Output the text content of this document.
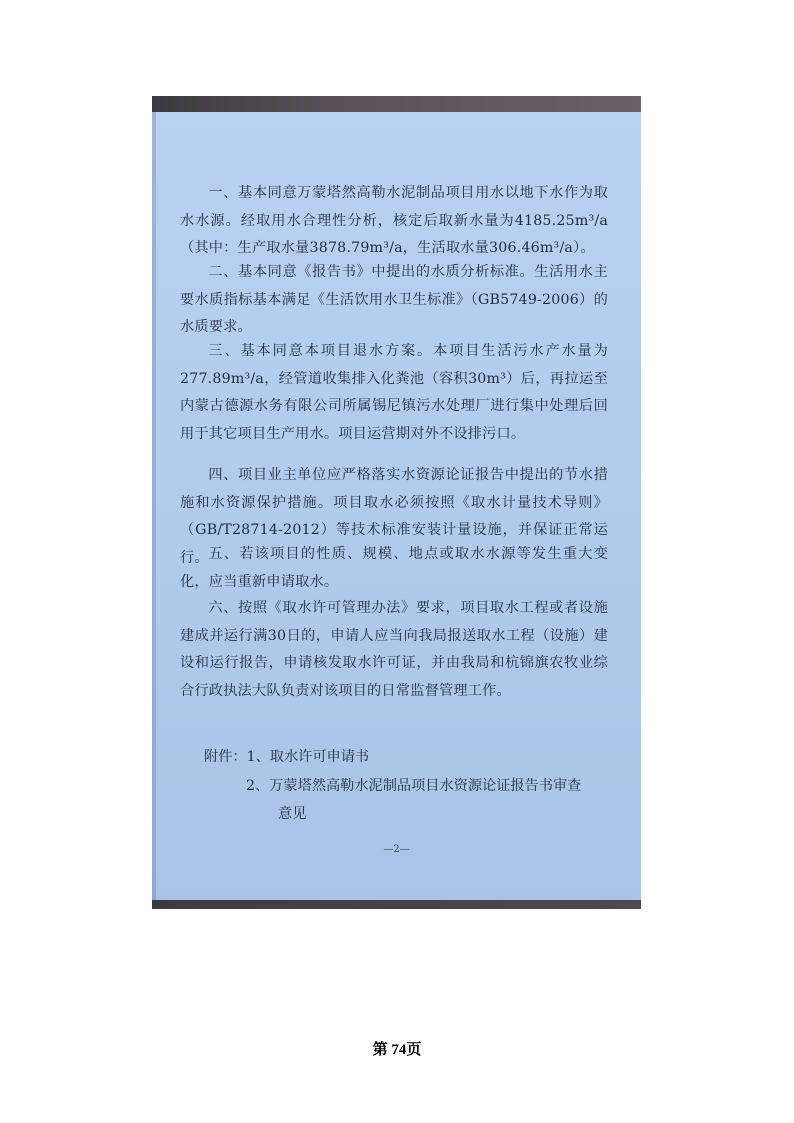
一、基本同意万蒙塔然高勒水泥制品项目用水以地下水作为取水水源。经取用水合理性分析，核定后取新水量为4185.25m³/a（其中：生产取水量3878.79m³/a，生活取水量306.46m³/a）。

二、基本同意《报告书》中提出的水质分析标准。生活用水主要水质指标基本满足《生活饮用水卫生标准》（GB5749-2006）的水质要求。

三、基本同意本项目退水方案。本项目生活污水产水量为277.89m³/a，经管道收集排入化粪池（容积30m³）后，再拉运至内蒙古德源水务有限公司所属锡尼镇污水处理厂进行集中处理后回用于其它项目生产用水。项目运营期对外不设排污口。

四、项目业主单位应严格落实水资源论证报告中提出的节水措施和水资源保护措施。项目取水必须按照《取水计量技术导则》（GB/T28714-2012）等技术标准安装计量设施，并保证正常运行。 五、若该项目的性质、规模、地点或取水水源等发生重大变化，应当重新申请取水。

六、按照《取水许可管理办法》要求，项目取水工程或者设施建成并运行满30日的，申请人应当向我局报送取水工程（设施）建设和运行报告，申请核发取水许可证，并由我局和杭锦旗农牧业综合行政执法大队负责对该项目的日常监督管理工作。

附件：1、取水许可申请书

2、万蒙塔然高勒水泥制品项目水资源论证报告书审查
意见

—2—
第 74页
